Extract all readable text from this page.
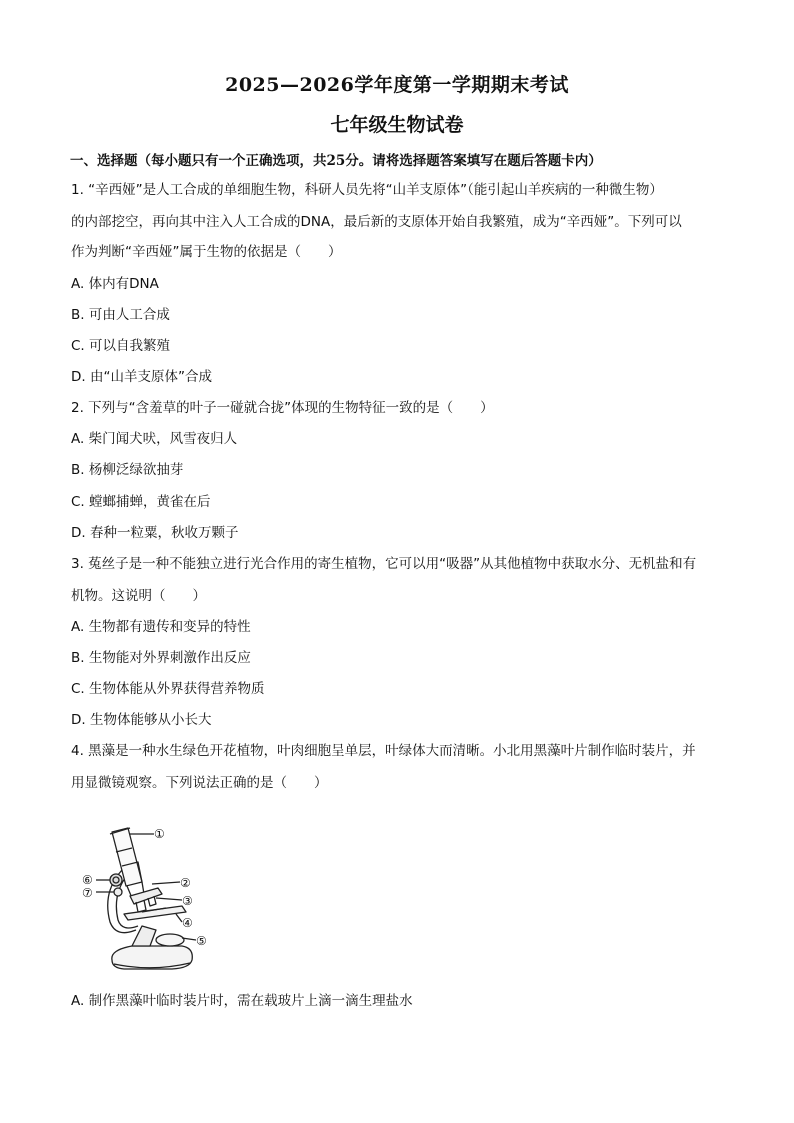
2025—2026学年度第一学期期末考试
七年级生物试卷
一、选择题（每小题只有一个正确选项，共25分。请将选择题答案填写在题后答题卡内）
1. “辛西娅”是人工合成的单细胞生物，科研人员先将“山羊支原体”（能引起山羊疾病的一种微生物）
的内部挖空，再向其中注入人工合成的DNA，最后新的支原体开始自我繁殖，成为“辛西娅”。下列可以
作为判断“辛西娅”属于生物的依据是（　　）
A. 体内有DNA
B. 可由人工合成
C. 可以自我繁殖
D. 由“山羊支原体”合成
2. 下列与“含羞草的叶子一碰就合拢”体现的生物特征一致的是（　　）
A. 柴门闻犬吠，风雪夜归人
B. 杨柳泛绿欲抽芽
C. 螳螂捕蝉，黄雀在后
D. 春种一粒粟，秋收万颗子
3. 菟丝子是一种不能独立进行光合作用的寄生植物，它可以用“吸器”从其他植物中获取水分、无机盐和有
机物。这说明（　　）
A. 生物都有遗传和变异的特性
B. 生物能对外界刺激作出反应
C. 生物体能从外界获得营养物质
D. 生物体能够从小长大
4. 黑藻是一种水生绿色开花植物，叶肉细胞呈单层，叶绿体大而清晰。小北用黑藻叶片制作临时装片，并
用显微镜观察。下列说法正确的是（　　）
①
②
③
④
⑤
⑥
⑦
A. 制作黑藻叶临时装片时，需在载玻片上滴一滴生理盐水
